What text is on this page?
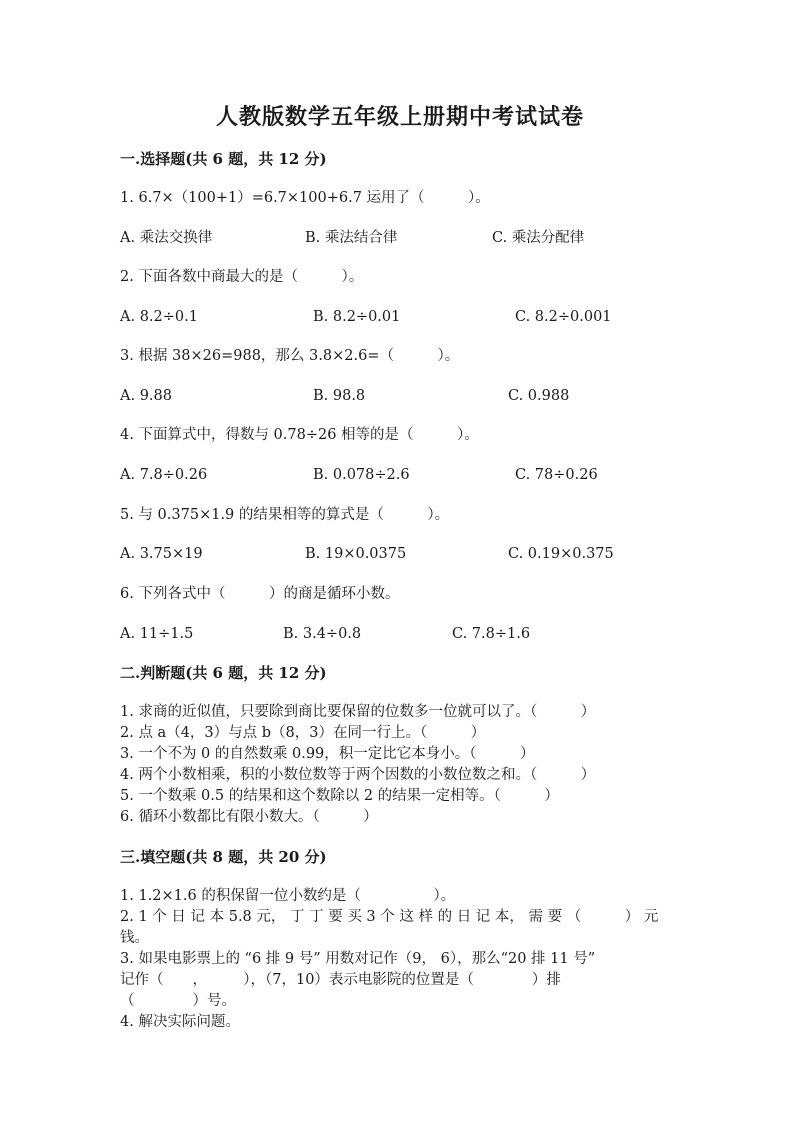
人教版数学五年级上册期中考试试卷
一.选择题(共 6 题，共 12 分)
1. 6.7×（100+1）=6.7×100+6.7 运用了（　　　）。
A. 乘法交换律	B. 乘法结合律	C. 乘法分配律
2. 下面各数中商最大的是（　　　）。
A. 8.2÷0.1	B. 8.2÷0.01	C. 8.2÷0.001
3. 根据 38×26=988，那么 3.8×2.6=（　　　）。
A. 9.88	B. 98.8	C. 0.988
4. 下面算式中，得数与 0.78÷26 相等的是（　　　）。
A. 7.8÷0.26	B. 0.078÷2.6	C. 78÷0.26
5. 与 0.375×1.9 的结果相等的算式是（　　　）。
A. 3.75×19	B. 19×0.0375	C. 0.19×0.375
6. 下列各式中（　　　）的商是循环小数。
A. 11÷1.5	B. 3.4÷0.8	C. 7.8÷1.6
二.判断题(共 6 题，共 12 分)
1. 求商的近似值，只要除到商比要保留的位数多一位就可以了。（　　　）
2. 点 a（4，3）与点 b（8，3）在同一行上。（　　　）
3. 一个不为 0 的自然数乘 0.99，积一定比它本身小。（　　　）
4. 两个小数相乘，积的小数位数等于两个因数的小数位数之和。（　　　）
5. 一个数乘 0.5 的结果和这个数除以 2 的结果一定相等。（　　　）
6. 循环小数都比有限小数大。（　　　）
三.填空题(共 8 题，共 20 分)
1. 1.2×1.6 的积保留一位小数约是（　　　　　）。
2. 1 个 日 记 本 5.8 元， 丁 丁 要 买 3 个 这 样 的 日 记 本， 需 要 （　　　） 元
钱。
3. 如果电影票上的 “6 排 9 号” 用数对记作（9， 6），那么“20 排 11 号”
记作（　　，　　　），（7，10）表示电影院的位置是（　　　　）排
（　　　　）号。
4. 解决实际问题。
